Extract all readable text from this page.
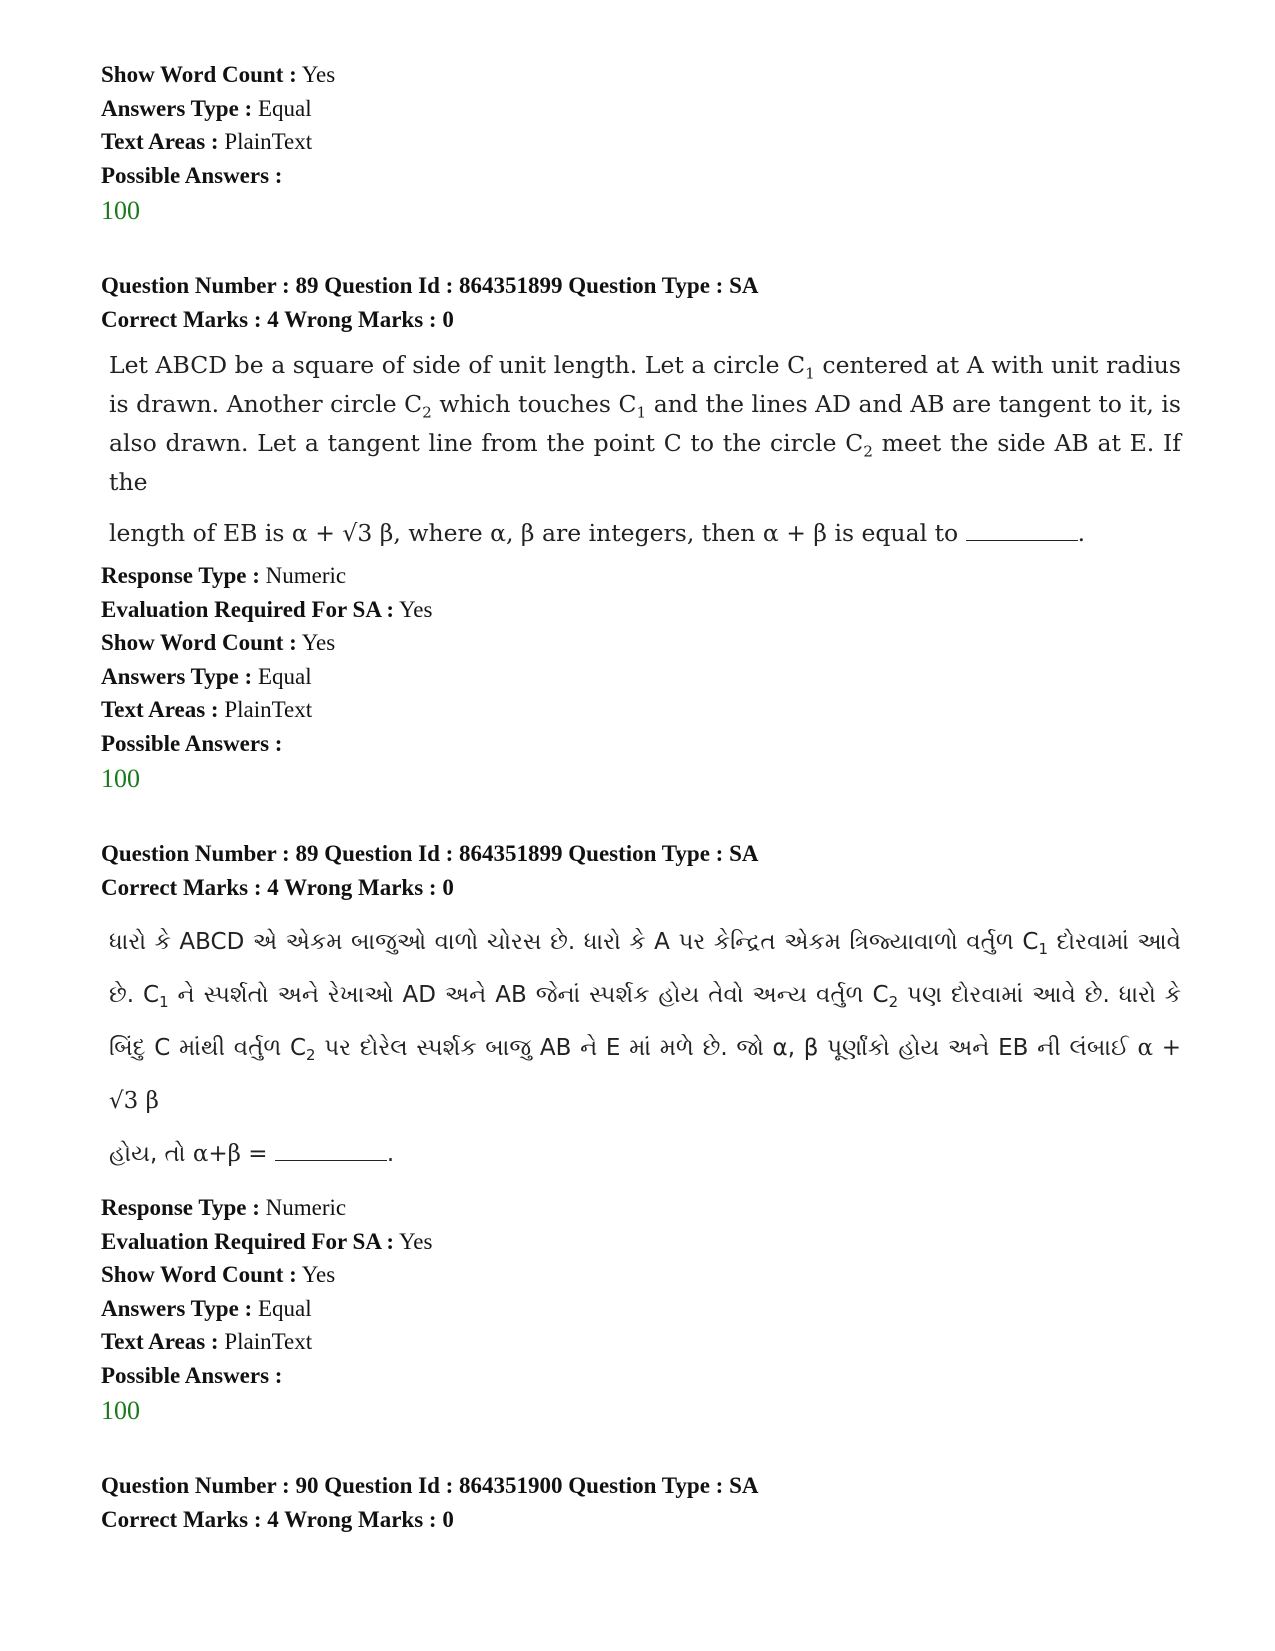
Show Word Count : Yes
Answers Type : Equal
Text Areas : PlainText
Possible Answers :
100
Question Number : 89 Question Id : 864351899 Question Type : SA
Correct Marks : 4 Wrong Marks : 0
Let ABCD be a square of side of unit length. Let a circle $C_1$ centered at A with unit radius is drawn. Another circle $C_2$ which touches $C_1$ and the lines AD and AB are tangent to it, is also drawn. Let a tangent line from the point C to the circle $C_2$ meet the side AB at E. If the
length of EB is α + √3 β, where α, β are integers, then α + β is equal to	.
Response Type : Numeric
Evaluation Required For SA : Yes
Show Word Count : Yes
Answers Type : Equal
Text Areas : PlainText
Possible Answers :
100
Question Number : 89 Question Id : 864351899 Question Type : SA
Correct Marks : 4 Wrong Marks : 0
ધારો કે ABCD એ એકમ બાજુઓ વાળો ચોરસ છે. ધારો કે A પર કેન્દ્રિત એકમ ત્રિજ્યાવાળો વર્તુળ $C_1$ દોરવામાં આવે છે. $C_1$ ને સ્પર્શતો અને રેખાઓ AD અને AB જેનાં સ્પર્શક હોય તેવો અન્ય વર્તુળ $C_2$ પણ દોરવામાં આવે છે. ધારો કે બિંદુ C માંથી વર્તુળ $C_2$ પર દોરેલ સ્પર્શક બાજુ AB ને E માં મળે છે. જો α, β પૂર્ણાંકો હોય અને EB ની લંબાઈ α + √3 β
હોય, તો α+β =	.
Response Type : Numeric
Evaluation Required For SA : Yes
Show Word Count : Yes
Answers Type : Equal
Text Areas : PlainText
Possible Answers :
100
Question Number : 90 Question Id : 864351900 Question Type : SA
Correct Marks : 4 Wrong Marks : 0
